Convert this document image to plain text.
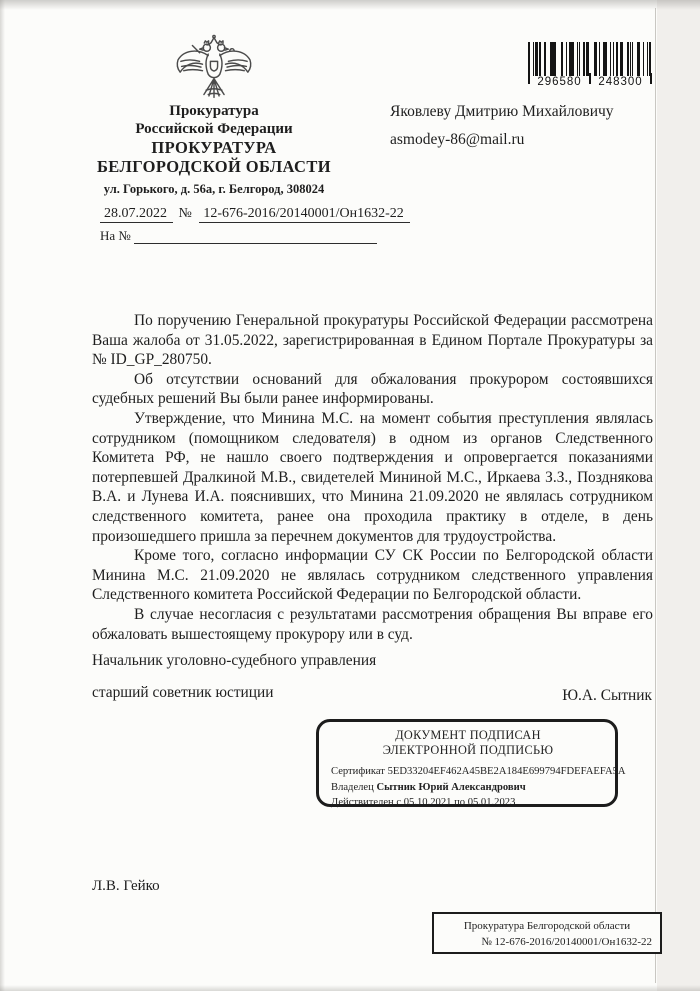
Прокуратура
Российской Федерации
ПРОКУРАТУРА
БЕЛГОРОДСКОЙ ОБЛАСТИ
ул. Горького, д. 56а, г. Белгород, 308024
28.07.2022 № 12-676-2016/20140001/Он1632-22
На №
296580 248300
Яковлеву Дмитрию Михайловичу
asmodey-86@mail.ru

По поручению Генеральной прокуратуры Российской Федерации рассмотрена Ваша жалоба от 31.05.2022, зарегистрированная в Едином Портале Прокуратуры за № ID_GP_280750.

Об отсутствии оснований для обжалования прокурором состоявшихся судебных решений Вы были ранее информированы.

Утверждение, что Минина М.С. на момент события преступления являлась сотрудником (помощником следователя) в одном из органов Следственного Комитета РФ, не нашло своего подтверждения и опровергается показаниями потерпевшей Дралкиной М.В., свидетелей Мининой М.С., Иркаева З.З., Позднякова В.А. и Лунева И.А. пояснивших, что Минина 21.09.2020 не являлась сотрудником следственного комитета, ранее она проходила практику в отделе, в день произошедшего пришла за перечнем документов для трудоустройства.

Кроме того, согласно информации СУ СК России по Белгородской области Минина М.С. 21.09.2020 не являлась сотрудником следственного управления Следственного комитета Российской Федерации по Белгородской области.

В случае несогласия с результатами рассмотрения обращения Вы вправе его обжаловать вышестоящему прокурору или в суд.

Начальник уголовно-судебного управления
старший советник юстиции	Ю.А. Сытник
ДОКУМЕНТ ПОДПИСАН
ЭЛЕКТРОННОЙ ПОДПИСЬЮ
Сертификат 5ED33204EF462A45BE2A184E699794FDEFAEFA5A
Владелец Сытник Юрий Александрович
Действителен с 05.10.2021 по 05.01.2023
Л.В. Гейко
Прокуратура Белгородской области
№ 12-676-2016/20140001/Он1632-22
